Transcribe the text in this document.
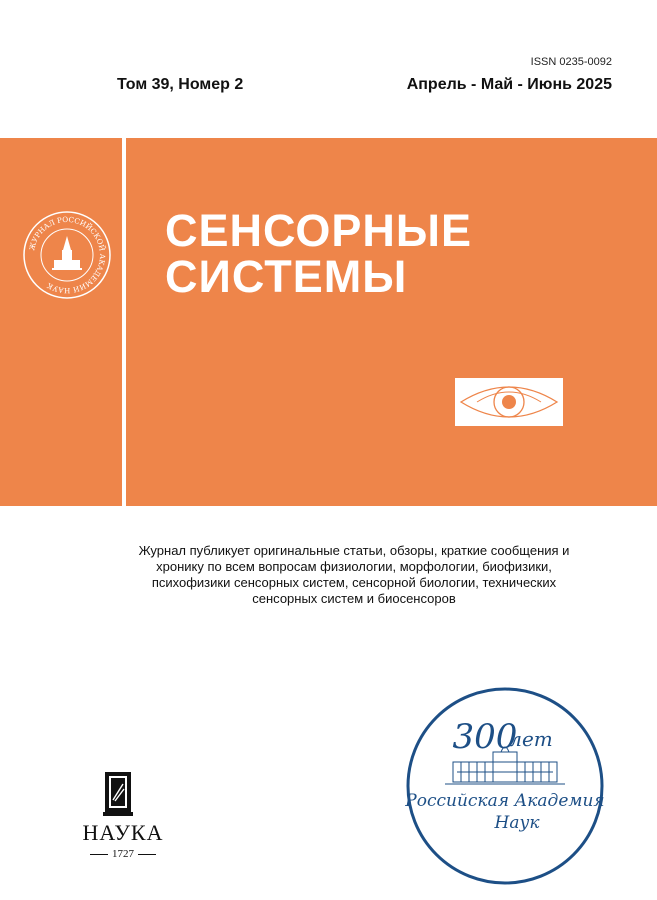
ISSN 0235-0092
Том 39, Номер 2	Апрель - Май - Июнь 2025
ЖУРНАЛ РОССИЙСКОЙ АКАДЕМИИ НАУК
СЕНСОРНЫЕ
СИСТЕМЫ
Журнал публикует оригинальные статьи, обзоры, краткие сообщения и хронику по всем вопросам физиологии, морфологии, биофизики, психофизики сенсорных систем, сенсорной биологии, технических сенсорных систем и биосенсоров
НАУКА
1727
300
лет
Российская Академия
Наук
